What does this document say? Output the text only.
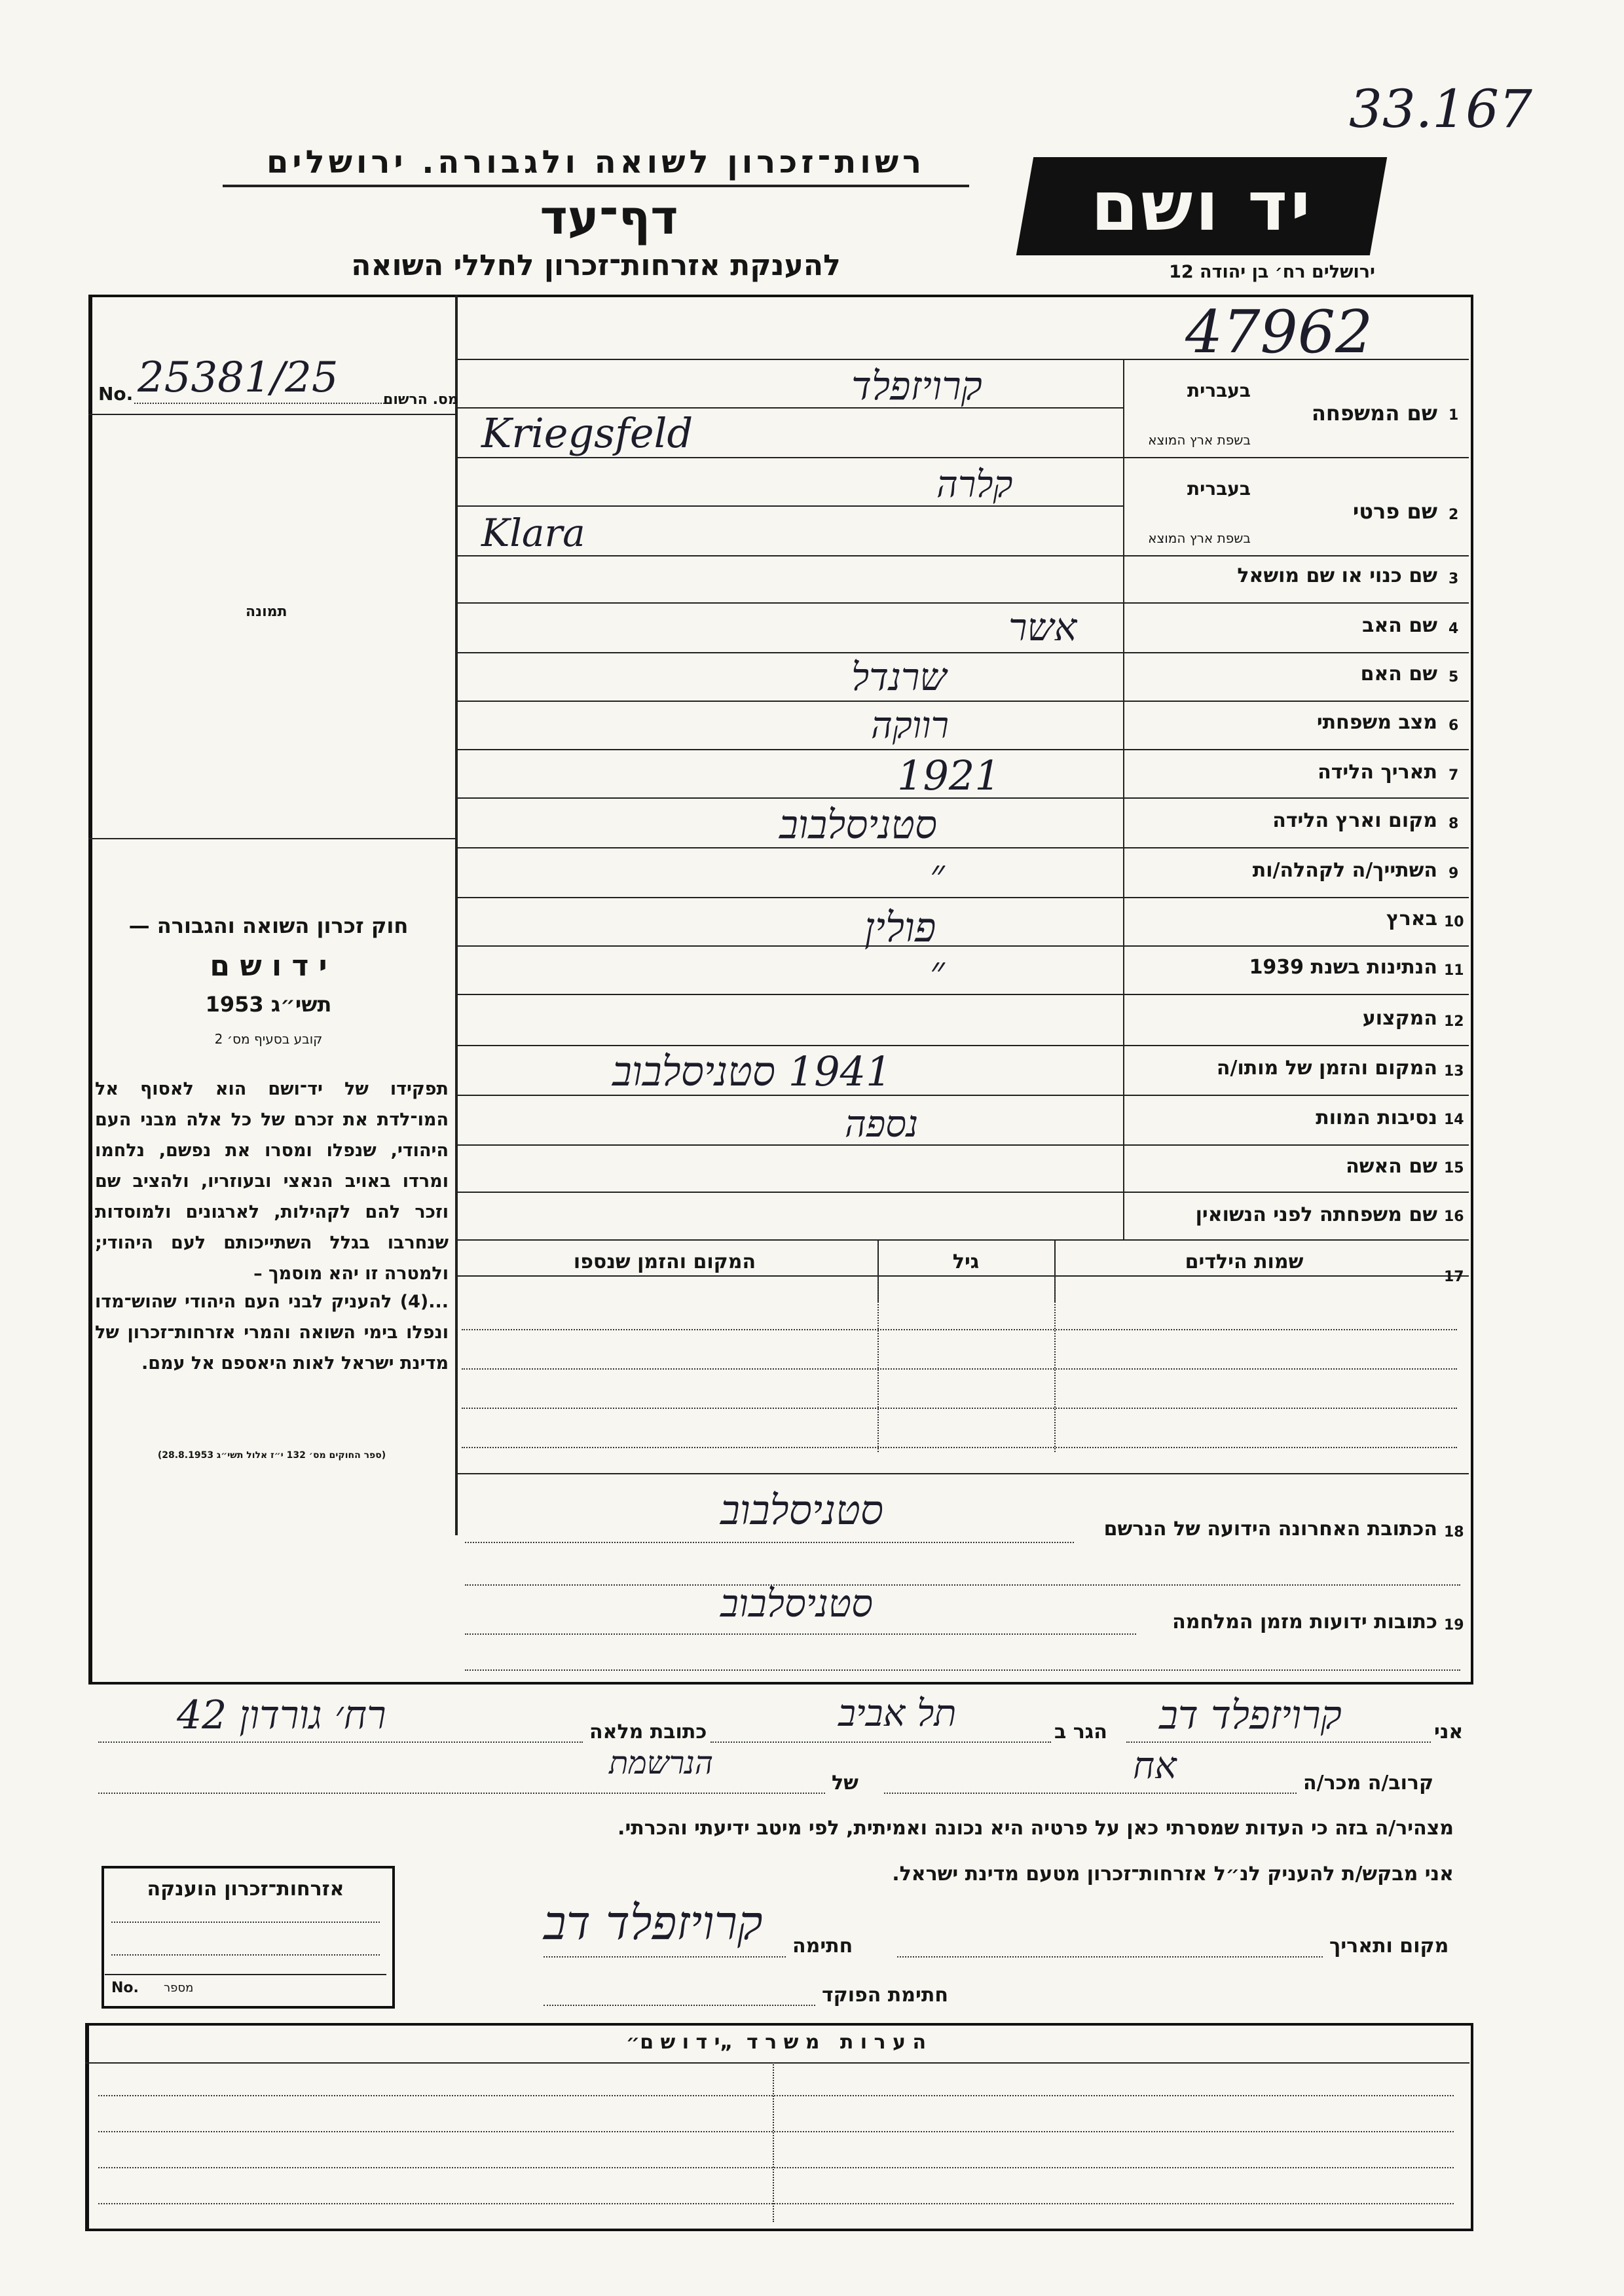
33.167
רשות־זכרון לשואה ולגבורה. ירושלים
דף־עד
להענקת אזרחות־זכרון לחללי השואה
יד ושם
ירושלים רח׳ בן יהודה 12
47962
No. 25381/25	מס. הרשום
תמונה
חוק זכרון השואה והגבורה —
י ד ו ש ם
תשי״ג 1953
קובע בסעיף מס׳ 2
תפקידו של יד־ושם הוא לאסוף אל המו־לדת את זכרם של כל אלה מבני העם היהודי, שנפלו ומסרו את נפשם, נלחמו ומרדו באויב הנאצי ובעוזריו, ולהציב שם וזכר להם לקהילות, לארגונים ולמוסדות שנחרבו בגלל השתייכותם לעם היהודי; ולמטרה זו יהא מוסמך –
...(4) להעניק לבני העם היהודי שהוש־מדו ונפלו בימי השואה והמרי אזרחות־זכרון של מדינת ישראל לאות היאספם אל עמם.
(ספר החוקים מס׳ 132 י״ז אלול תשי״ג 28.8.1953)
1
שם המשפחה
בעברית
בשפת ארץ המוצא
קרויזפלד
Kriegsfeld
2
שם פרטי
בעברית
בשפת ארץ המוצא
קלרה
Klara
3
שם כנוי או שם מושאל
4
שם האב
אשר
5
שם האם
שרנדל
6
מצב משפחתי
רווקה
7
תאריך הלידה
1921
8
מקום וארץ הלידה
סטניסלבוב
9
השתייך/ה לקהלה/ות
״
10
בארץ
פולין
11
הנתינות בשנת 1939
״
12
המקצוע
13
המקום והזמן של מותו/ה
1941 סטניסלבוב
14
נסיבות המוות
נספה
15
שם האשה
16
שם משפחתה לפני הנשואין
17
שמות הילדים
גיל
המקום והזמן שנספו
18
הכתובת האחרונה הידועה של הנרשם
סטניסלבוב
19
כתובות ידועות מזמן המלחמה
סטניסלבוב
אני
קרויזפלד דב
הגר ב
תל אביב
כתובת מלאה
רח׳ גורדון 42
קרוב/ה מכר/ה
אח
של
הנרשמת
מצהיר/ה בזה כי העדות שמסרתי כאן על פרטיה היא נכונה ואמיתית, לפי מיטב ידיעתי והכרתי.
אני מבקש/ת להעניק לנ״ל אזרחות־זכרון מטעם מדינת ישראל.
מקום ותאריך
חתימה
קרויזפלד דב
חתימת הפוקד
אזרחות־זכרון הוענקה
No. מספר
ה ע ר ו ת   מ ש ר ד  „י ד ו ש ם״
